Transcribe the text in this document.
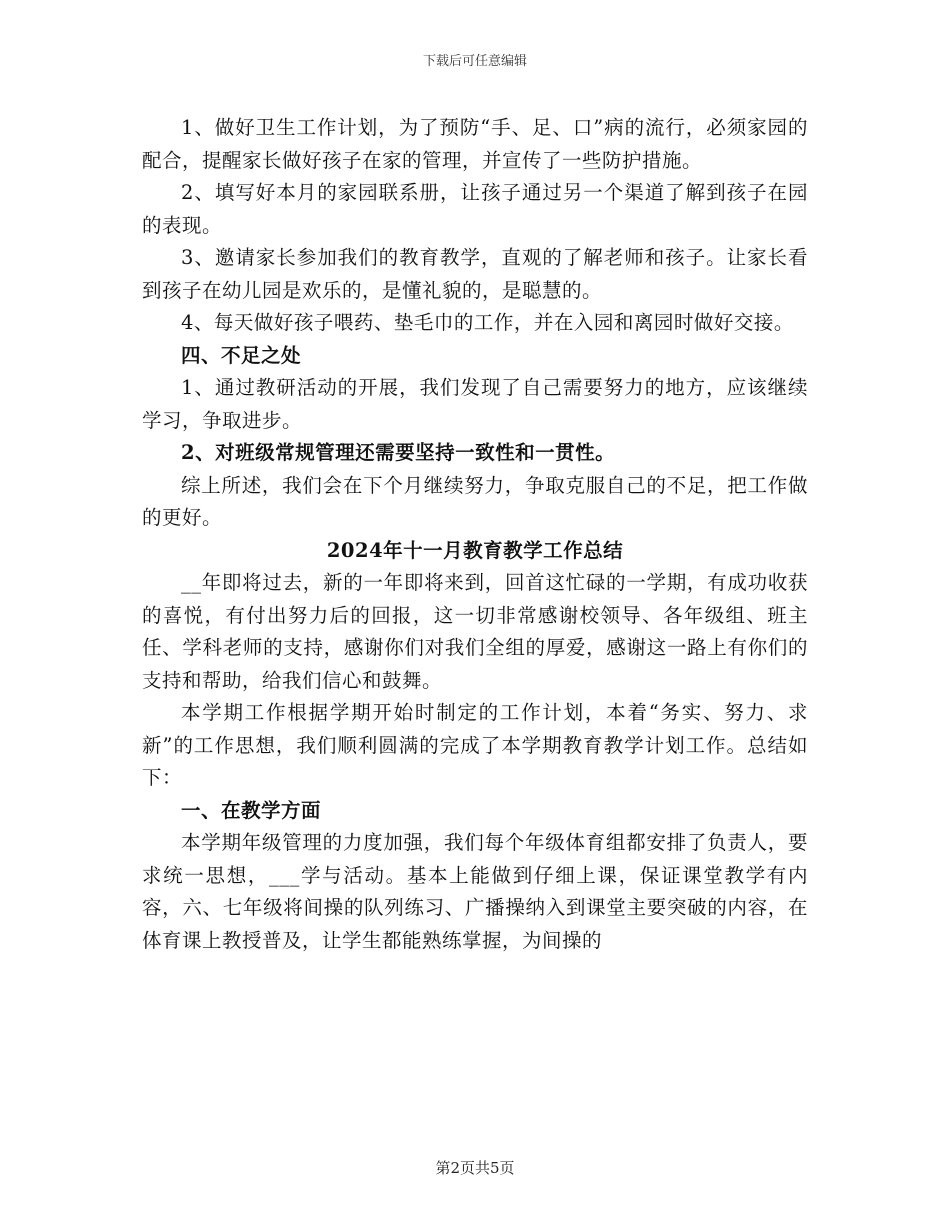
下载后可任意编辑

1、做好卫生工作计划，为了预防“手、足、口”病的流行，必须家园的配合，提醒家长做好孩子在家的管理，并宣传了一些防护措施。

2、填写好本月的家园联系册，让孩子通过另一个渠道了解到孩子在园的表现。

3、邀请家长参加我们的教育教学，直观的了解老师和孩子。让家长看到孩子在幼儿园是欢乐的，是懂礼貌的，是聪慧的。

4、每天做好孩子喂药、垫毛巾的工作，并在入园和离园时做好交接。

四、不足之处

1、通过教研活动的开展，我们发现了自己需要努力的地方，应该继续学习，争取进步。

2、对班级常规管理还需要坚持一致性和一贯性。

综上所述，我们会在下个月继续努力，争取克服自己的不足，把工作做的更好。

2024年十一月教育教学工作总结

__年即将过去，新的一年即将来到，回首这忙碌的一学期，有成功收获的喜悦，有付出努力后的回报，这一切非常感谢校领导、各年级组、班主任、学科老师的支持，感谢你们对我们全组的厚爱，感谢这一路上有你们的支持和帮助，给我们信心和鼓舞。

本学期工作根据学期开始时制定的工作计划，本着“务实、努力、求新”的工作思想，我们顺利圆满的完成了本学期教育教学计划工作。总结如下：

一、在教学方面

本学期年级管理的力度加强，我们每个年级体育组都安排了负责人，要求统一思想，___学与活动。基本上能做到仔细上课，保证课堂教学有内容，六、七年级将间操的队列练习、广播操纳入到课堂主要突破的内容，在体育课上教授普及，让学生都能熟练掌握，为间操的

第2页共5页
